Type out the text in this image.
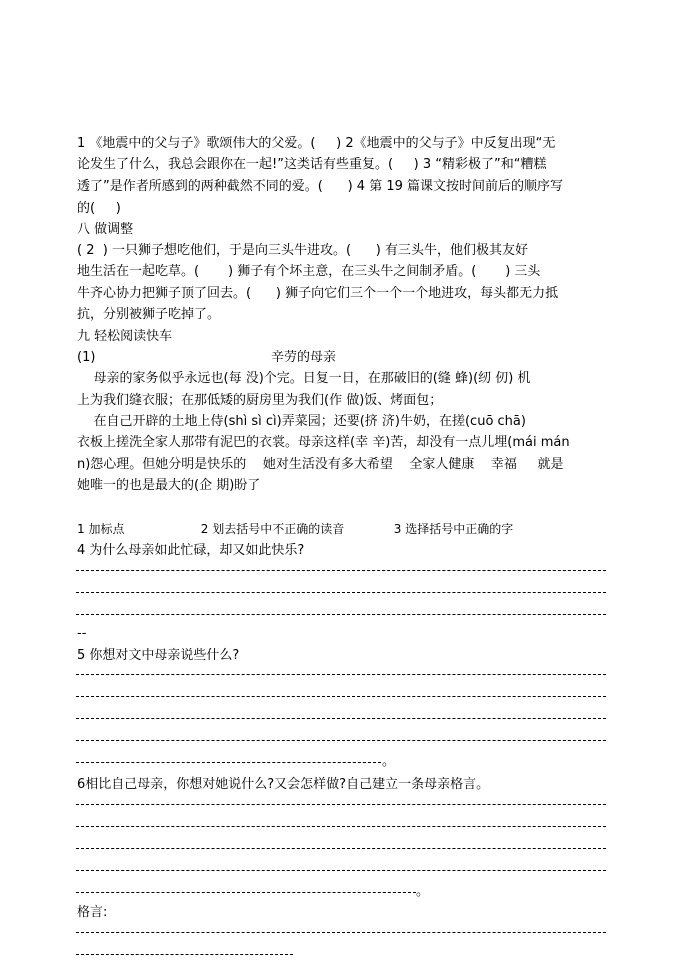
1 《地震中的父与子》歌颂伟大的父爱。(     ) 2《地震中的父与子》中反复出现“无
论发生了什么，我总会跟你在一起!”这类话有些重复。(     ) 3 “精彩极了”和“糟糕
透了”是作者所感到的两种截然不同的爱。(      ) 4 第 19 篇课文按时间前后的顺序写
的(     )
八 做调整
( 2  ) 一只狮子想吃他们，于是向三头牛进攻。(      ) 有三头牛，他们极其友好
地生活在一起吃草。(       ) 狮子有个坏主意，在三头牛之间制矛盾。(       ) 三头
牛齐心协力把狮子顶了回去。(      ) 狮子向它们三个一个一个地进攻，每头都无力抵
抗，分别被狮子吃掉了。
九 轻松阅读快车
(1)	辛劳的母亲
母亲的家务似乎永远也(每 没)个完。日复一日，在那破旧的(缝 蜂)(纫 仞) 机
上为我们缝衣服；在那低矮的厨房里为我们(作 做)饭、烤面包；
在自己开辟的土地上侍(shì sì cì)弄菜园；还要(挤 济)牛奶，在搓(cuō chā)
衣板上搓洗全家人那带有泥巴的衣裳。母亲这样(幸 辛)苦，却没有一点儿埋(mái mán
n)怨心理。但她分明是快乐的    她对生活没有多大希望    全家人健康    幸福     就是
她唯一的也是最大的(企 期)盼了
1 加标点                    2 划去括号中不正确的读音             3 选择括号中正确的字
4 为什么母亲如此忙碌，却又如此快乐?
--
5 你想对文中母亲说些什么?
。
6相比自己母亲，你想对她说什么?又会怎样做?自己建立一条母亲格言。
。
格言:
